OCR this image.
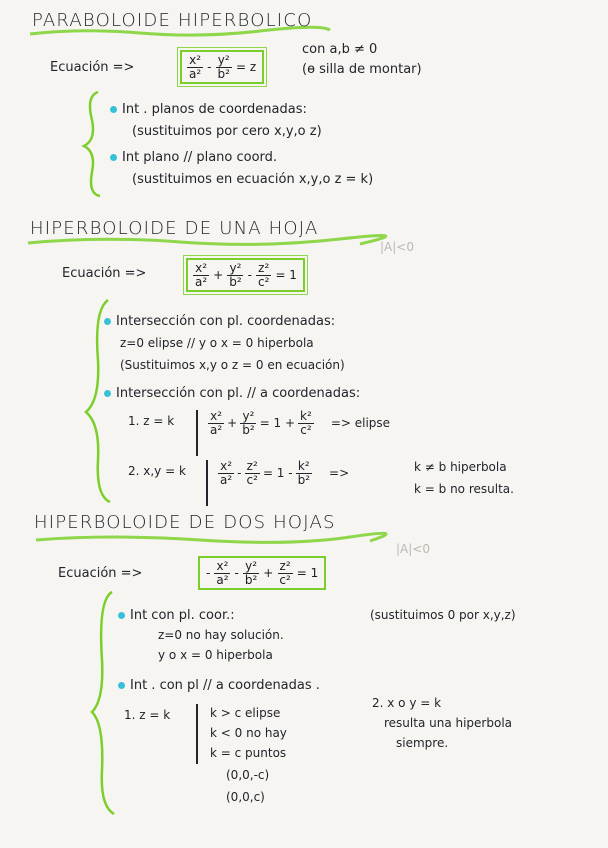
PARABOLOIDE HIPERBOLICO
Ecuación =>	$\frac{\text{x²}}{\text{a²}} - \frac{\text{y²}}{\text{b²}} = z$
con a,b ≠ 0
(ɵ silla de montar)
Int . planos de coordenadas:
(sustituimos por cero x,y,o z)
Int plano // plano coord.
(sustituimos en ecuación x,y,o z = k)
HIPERBOLOIDE DE UNA HOJA
|A|<0
Ecuación =>	$\frac{\text{x²}}{\text{a²}} + \frac{\text{y²}}{\text{b²}} - \frac{\text{z²}}{\text{c²}} = 1$
Intersección con pl. coordenadas:
z=0 elipse // y o x = 0 hiperbola
(Sustituimos x,y o z = 0 en ecuación)
Intersección con pl. // a coordenadas:
1. z = k	$\frac{\text{x²}}{\text{a²}} + \frac{\text{y²}}{\text{b²}} = 1 + \frac{\text{k²}}{\text{c²}}$ => elipse
2. x,y = k	$\frac{\text{x²}}{\text{a²}} - \frac{\text{z²}}{\text{c²}} = 1 - \frac{\text{k²}}{\text{b²}}$ =>	k ≠ b hiperbola
k = b no resulta.
HIPERBOLOIDE DE DOS HOJAS
|A|<0
Ecuación =>	- $\frac{\text{x²}}{\text{a²}} - \frac{\text{y²}}{\text{b²}} + \frac{\text{z²}}{\text{c²}} = 1$
Int con pl. coor.:	(sustituimos 0 por x,y,z)
z=0 no hay solución.
y o x = 0 hiperbola
Int . con pl // a coordenadas .
1. z = k	k > c elipse
k < 0 no hay
k = c puntos
(0,0,-c)
(0,0,c)
2. x o y = k
resulta una hiperbola
siempre.
